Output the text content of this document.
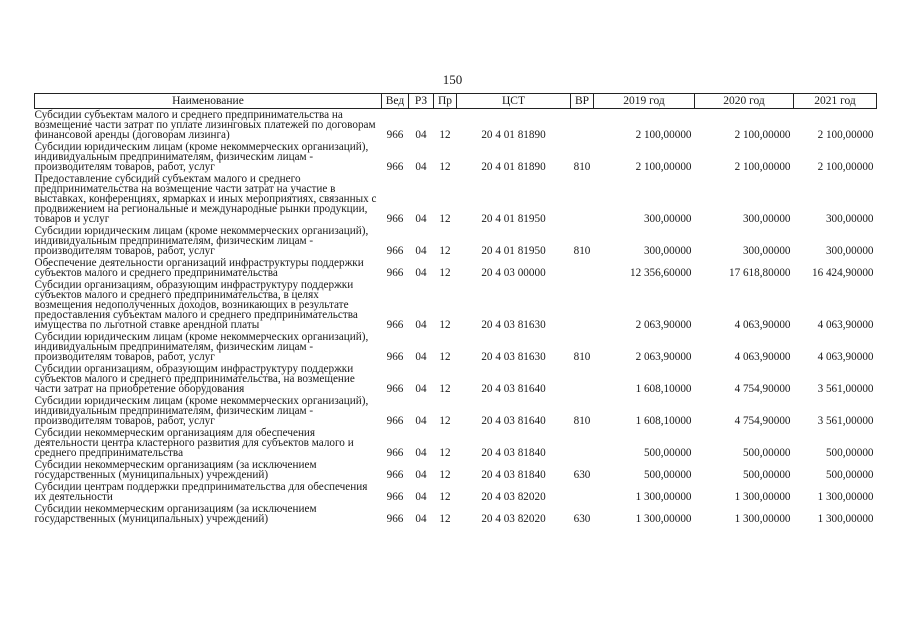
150
Наименование	Вед	РЗ	Пр	ЦСТ	ВР	2019 год	2020 год	2021 год
Субсидии субъектам малого и среднего предпринимательства на возмещение части затрат по уплате лизинговых платежей по договорам финансовой аренды (договорам лизинга)	966	04	12	20 4 01 81890		2 100,00000	2 100,00000	2 100,00000
Субсидии юридическим лицам (кроме некоммерческих организаций), индивидуальным предпринимателям, физическим лицам - производителям товаров, работ, услуг	966	04	12	20 4 01 81890	810	2 100,00000	2 100,00000	2 100,00000
Предоставление субсидий субъектам малого и среднего предпринимательства на возмещение части затрат на участие в выставках, конференциях, ярмарках и иных мероприятиях, связанных с продвижением на региональные и международные рынки продукции, товаров и услуг	966	04	12	20 4 01 81950		300,00000	300,00000	300,00000
Субсидии юридическим лицам (кроме некоммерческих организаций), индивидуальным предпринимателям, физическим лицам - производителям товаров, работ, услуг	966	04	12	20 4 01 81950	810	300,00000	300,00000	300,00000
Обеспечение деятельности организаций инфраструктуры поддержки субъектов малого и среднего предпринимательства	966	04	12	20 4 03 00000		12 356,60000	17 618,80000	16 424,90000
Субсидии организациям, образующим инфраструктуру поддержки субъектов малого и среднего предпринимательства, в целях возмещения недополученных доходов, возникающих в результате предоставления субъектам малого и среднего предпринимательства имущества по льготной ставке арендной платы	966	04	12	20 4 03 81630		2 063,90000	4 063,90000	4 063,90000
Субсидии юридическим лицам (кроме некоммерческих организаций), индивидуальным предпринимателям, физическим лицам - производителям товаров, работ, услуг	966	04	12	20 4 03 81630	810	2 063,90000	4 063,90000	4 063,90000
Субсидии организациям, образующим инфраструктуру поддержки субъектов малого и среднего предпринимательства, на возмещение части затрат на приобретение оборудования	966	04	12	20 4 03 81640		1 608,10000	4 754,90000	3 561,00000
Субсидии юридическим лицам (кроме некоммерческих организаций), индивидуальным предпринимателям, физическим лицам - производителям товаров, работ, услуг	966	04	12	20 4 03 81640	810	1 608,10000	4 754,90000	3 561,00000
Субсидии некоммерческим организациям для обеспечения деятельности центра кластерного развития для субъектов малого и среднего предпринимательства	966	04	12	20 4 03 81840		500,00000	500,00000	500,00000
Субсидии некоммерческим организациям (за исключением государственных (муниципальных) учреждений)	966	04	12	20 4 03 81840	630	500,00000	500,00000	500,00000
Субсидии центрам поддержки предпринимательства для обеспечения их деятельности	966	04	12	20 4 03 82020		1 300,00000	1 300,00000	1 300,00000
Субсидии некоммерческим организациям (за исключением государственных (муниципальных) учреждений)	966	04	12	20 4 03 82020	630	1 300,00000	1 300,00000	1 300,00000
